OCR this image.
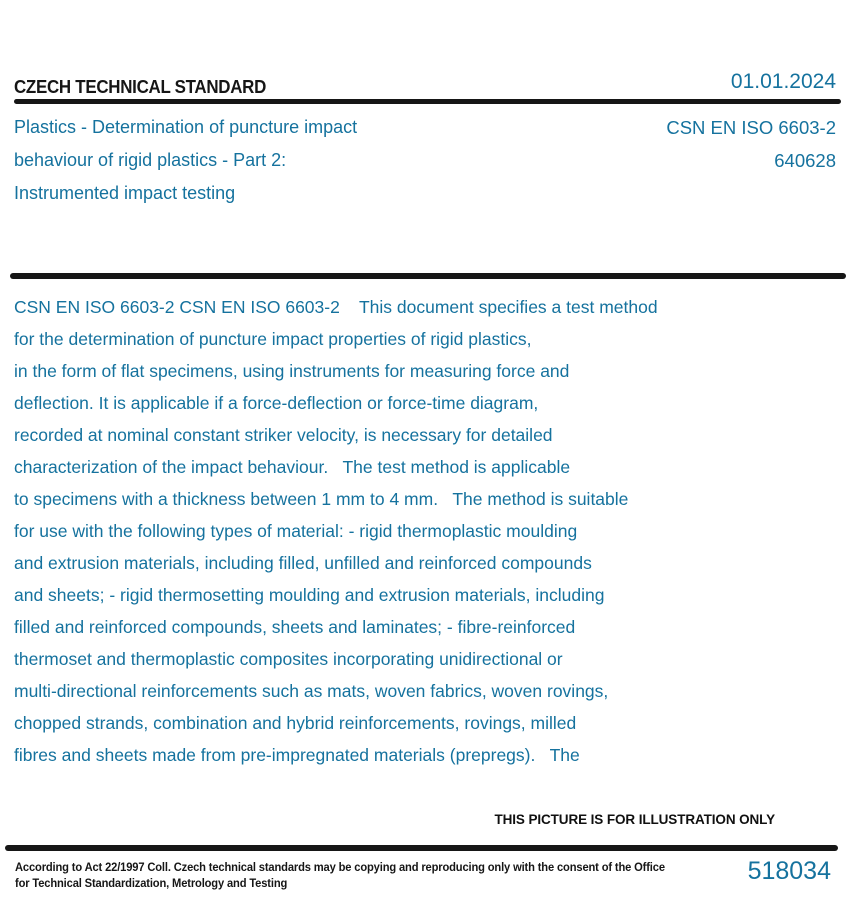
CZECH TECHNICAL STANDARD	01.01.2024
Plastics - Determination of puncture impact
behaviour of rigid plastics - Part 2:
Instrumented impact testing
CSN EN ISO 6603-2
640628
CSN EN ISO 6603-2 CSN EN ISO 6603-2    This document specifies a test method
for the determination of puncture impact properties of rigid plastics,
in the form of flat specimens, using instruments for measuring force and
deflection. It is applicable if a force-deflection or force-time diagram,
recorded at nominal constant striker velocity, is necessary for detailed
characterization of the impact behaviour.   The test method is applicable
to specimens with a thickness between 1 mm to 4 mm.   The method is suitable
for use with the following types of material: - rigid thermoplastic moulding
and extrusion materials, including filled, unfilled and reinforced compounds
and sheets; - rigid thermosetting moulding and extrusion materials, including
filled and reinforced compounds, sheets and laminates; - fibre-reinforced
thermoset and thermoplastic composites incorporating unidirectional or
multi-directional reinforcements such as mats, woven fabrics, woven rovings,
chopped strands, combination and hybrid reinforcements, rovings, milled
fibres and sheets made from pre-impregnated materials (prepregs).   The
THIS PICTURE IS FOR ILLUSTRATION ONLY
According to Act 22/1997 Coll. Czech technical standards may be copying and reproducing only with the consent of the Office
for Technical Standardization, Metrology and Testing	518034
